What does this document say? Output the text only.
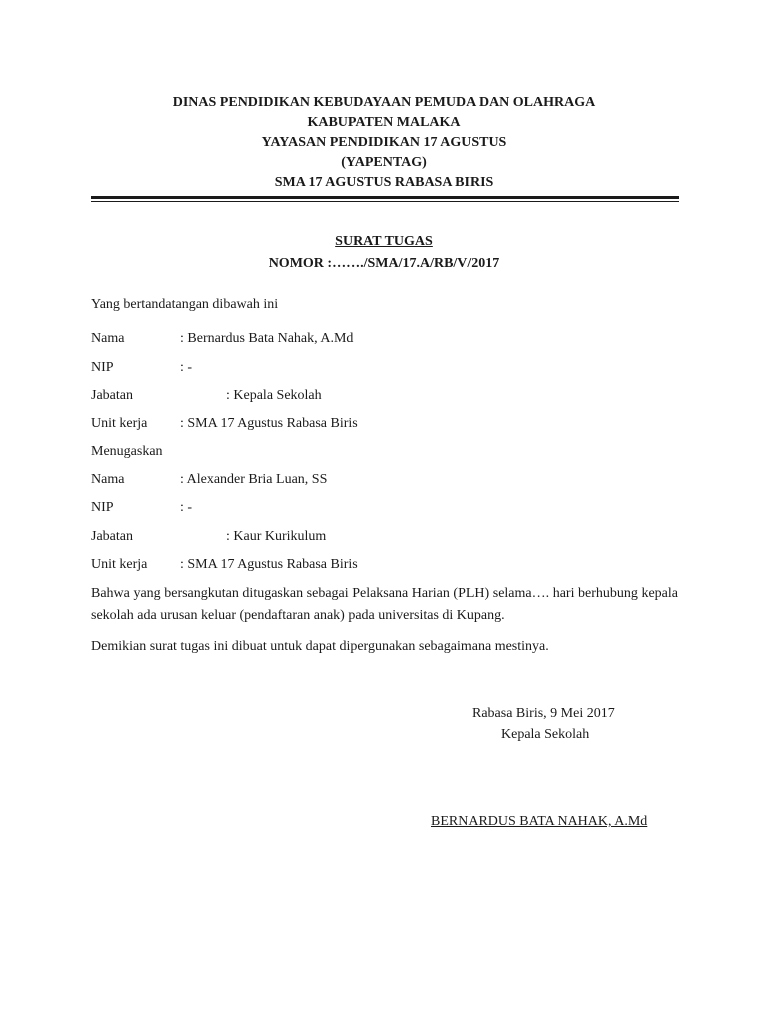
DINAS PENDIDIKAN KEBUDAYAAN PEMUDA DAN OLAHRAGA
KABUPATEN MALAKA
YAYASAN PENDIDIKAN 17 AGUSTUS
(YAPENTAG)
SMA 17 AGUSTUS RABASA BIRIS
SURAT TUGAS
NOMOR :……./SMA/17.A/RB/V/2017
Yang bertandatangan dibawah ini
Nama	: Bernardus Bata Nahak, A.Md
NIP	: -
Jabatan	: Kepala Sekolah
Unit kerja : SMA 17 Agustus Rabasa Biris
Menugaskan
Nama	: Alexander Bria Luan, SS
NIP	: -
Jabatan	: Kaur Kurikulum
Unit kerja : SMA 17 Agustus Rabasa Biris
Bahwa yang bersangkutan ditugaskan sebagai Pelaksana Harian (PLH) selama…. hari berhubung kepala sekolah ada urusan keluar (pendaftaran anak) pada universitas di Kupang.
Demikian surat tugas ini dibuat untuk dapat dipergunakan sebagaimana mestinya.
Rabasa Biris, 9 Mei 2017
Kepala Sekolah
BERNARDUS BATA NAHAK, A.Md
